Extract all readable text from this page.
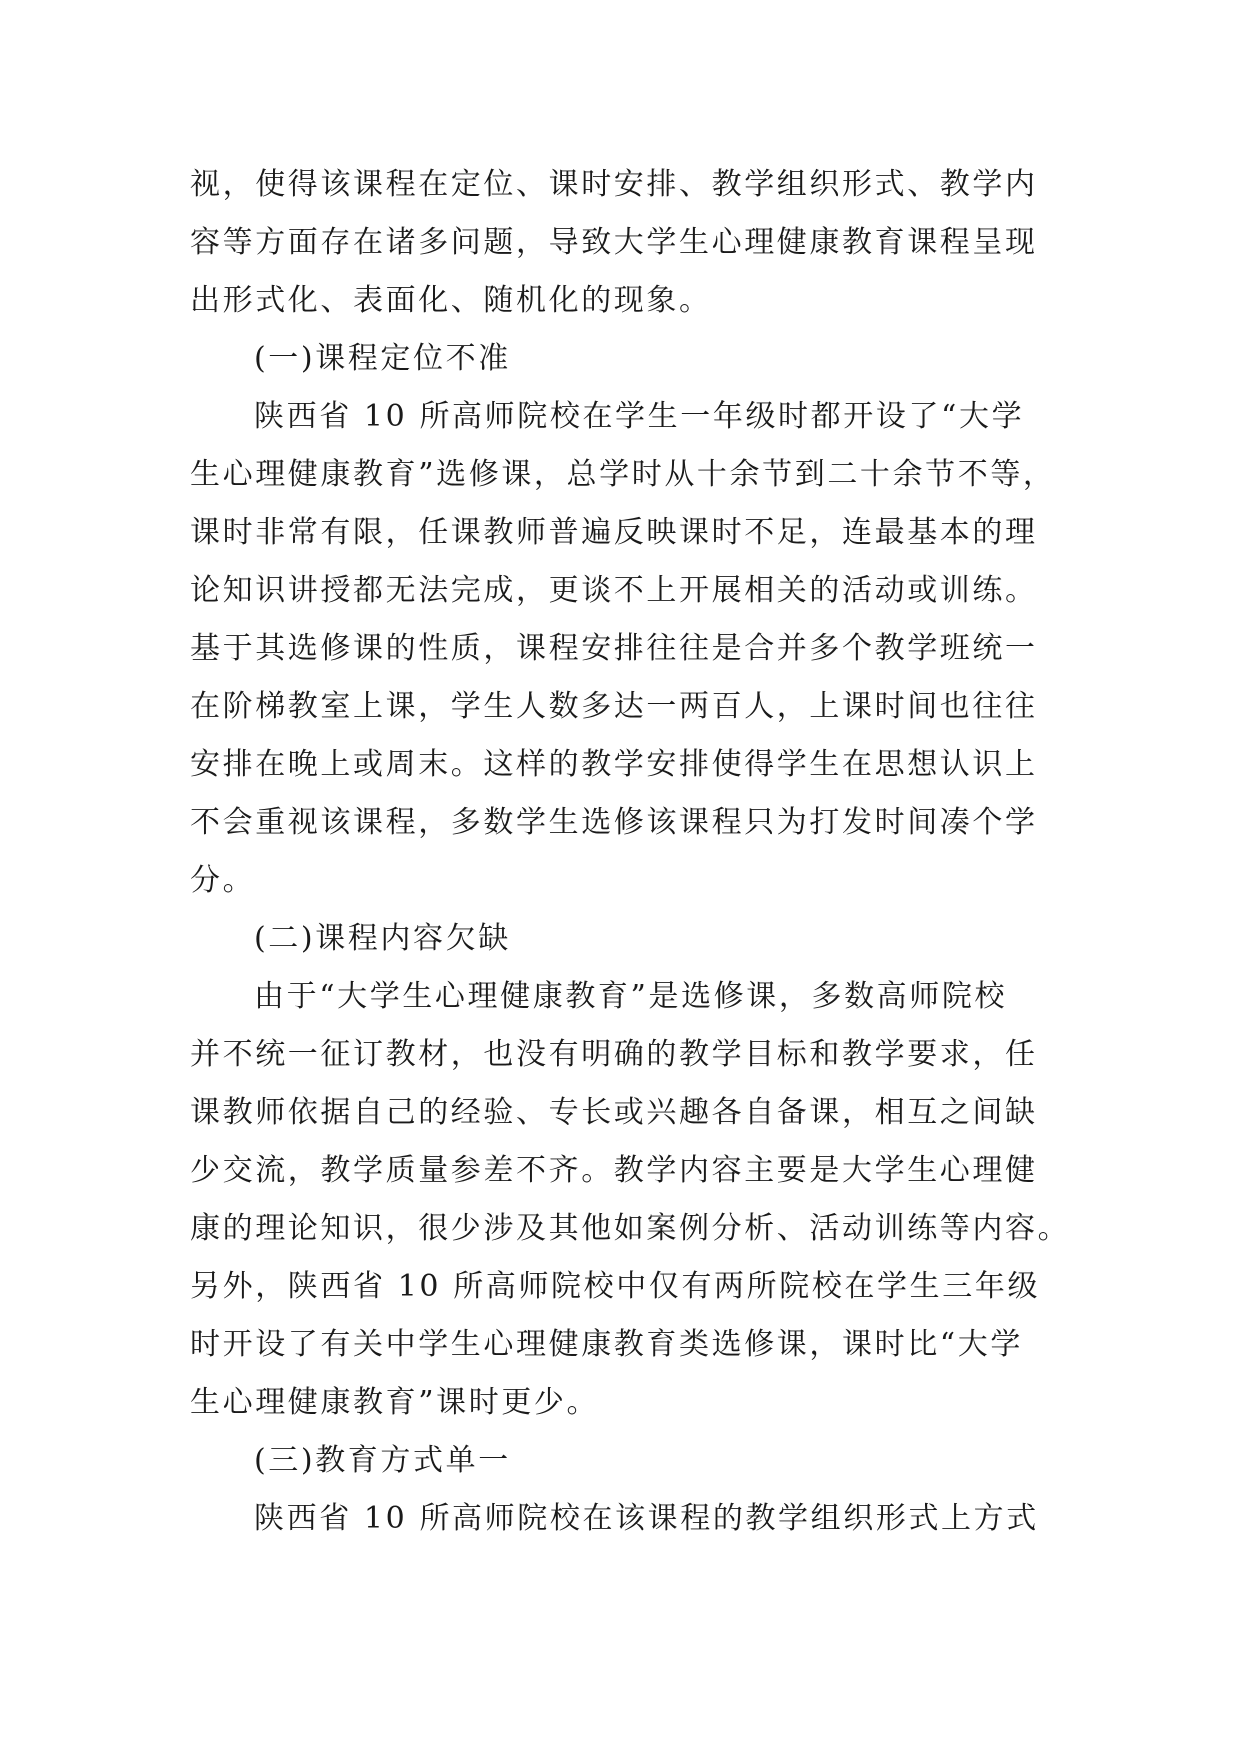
视，使得该课程在定位、课时安排、教学组织形式、教学内
容等方面存在诸多问题，导致大学生心理健康教育课程呈现
出形式化、表面化、随机化的现象。
(一)课程定位不准
陕西省 10 所高师院校在学生一年级时都开设了“大学
生心理健康教育”选修课，总学时从十余节到二十余节不等，
课时非常有限，任课教师普遍反映课时不足，连最基本的理
论知识讲授都无法完成，更谈不上开展相关的活动或训练。
基于其选修课的性质，课程安排往往是合并多个教学班统一
在阶梯教室上课，学生人数多达一两百人，上课时间也往往
安排在晚上或周末。这样的教学安排使得学生在思想认识上
不会重视该课程，多数学生选修该课程只为打发时间凑个学
分。
(二)课程内容欠缺
由于“大学生心理健康教育”是选修课，多数高师院校
并不统一征订教材，也没有明确的教学目标和教学要求，任
课教师依据自己的经验、专长或兴趣各自备课，相互之间缺
少交流，教学质量参差不齐。教学内容主要是大学生心理健
康的理论知识，很少涉及其他如案例分析、活动训练等内容。
另外，陕西省 10 所高师院校中仅有两所院校在学生三年级
时开设了有关中学生心理健康教育类选修课，课时比“大学
生心理健康教育”课时更少。
(三)教育方式单一
陕西省 10 所高师院校在该课程的教学组织形式上方式
